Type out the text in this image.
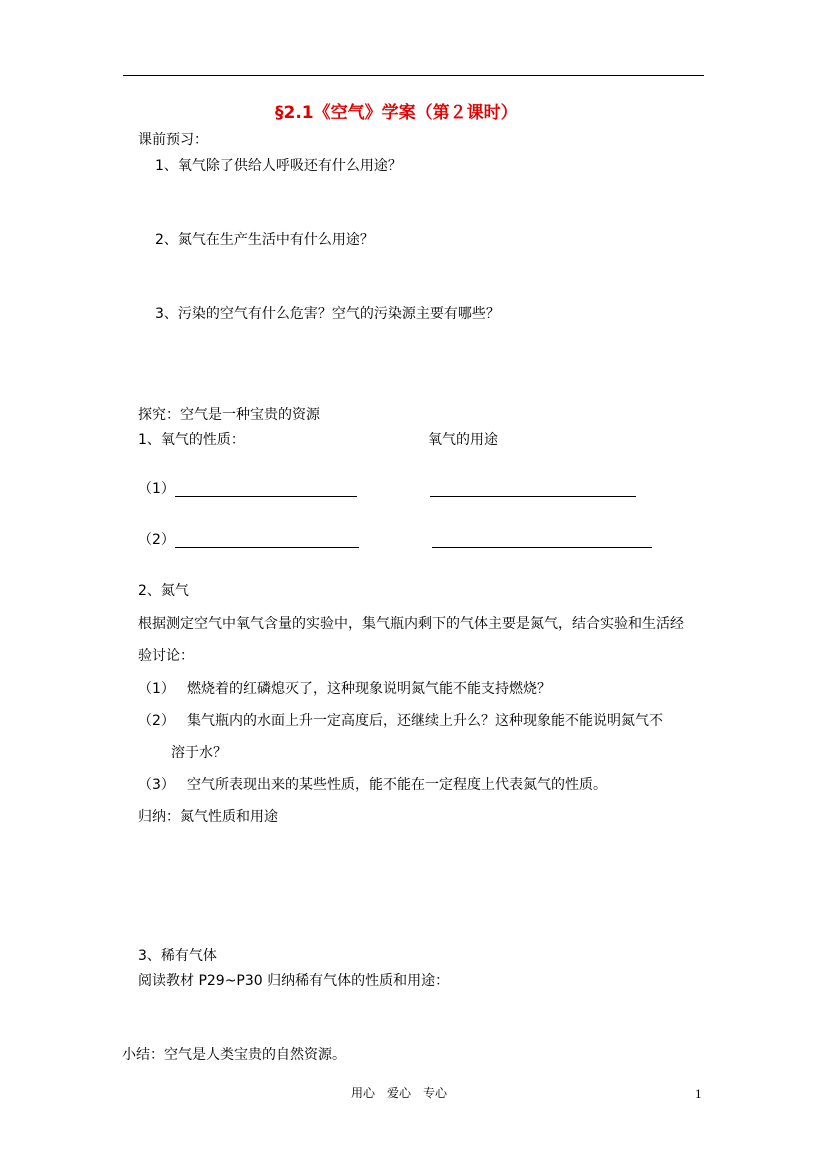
§2.1《空气》学案（第２课时）
课前预习：
1、氧气除了供给人呼吸还有什么用途？
2、氮气在生产生活中有什么用途？
3、污染的空气有什么危害？空气的污染源主要有哪些？
探究：空气是一种宝贵的资源
1、氧气的性质：	氧气的用途
（1）
（2）
2、氮气
根据测定空气中氧气含量的实验中，集气瓶内剩下的气体主要是氮气，结合实验和生活经
验讨论：
（1） 燃烧着的红磷熄灭了，这种现象说明氮气能不能支持燃烧？
（2） 集气瓶内的水面上升一定高度后，还继续上升么？这种现象能不能说明氮气不
溶于水？
（3） 空气所表现出来的某些性质，能不能在一定程度上代表氮气的性质。
归纳：氮气性质和用途
3、稀有气体
阅读教材 P29~P30 归纳稀有气体的性质和用途：
小结：空气是人类宝贵的自然资源。
用心　爱心　专心	1
